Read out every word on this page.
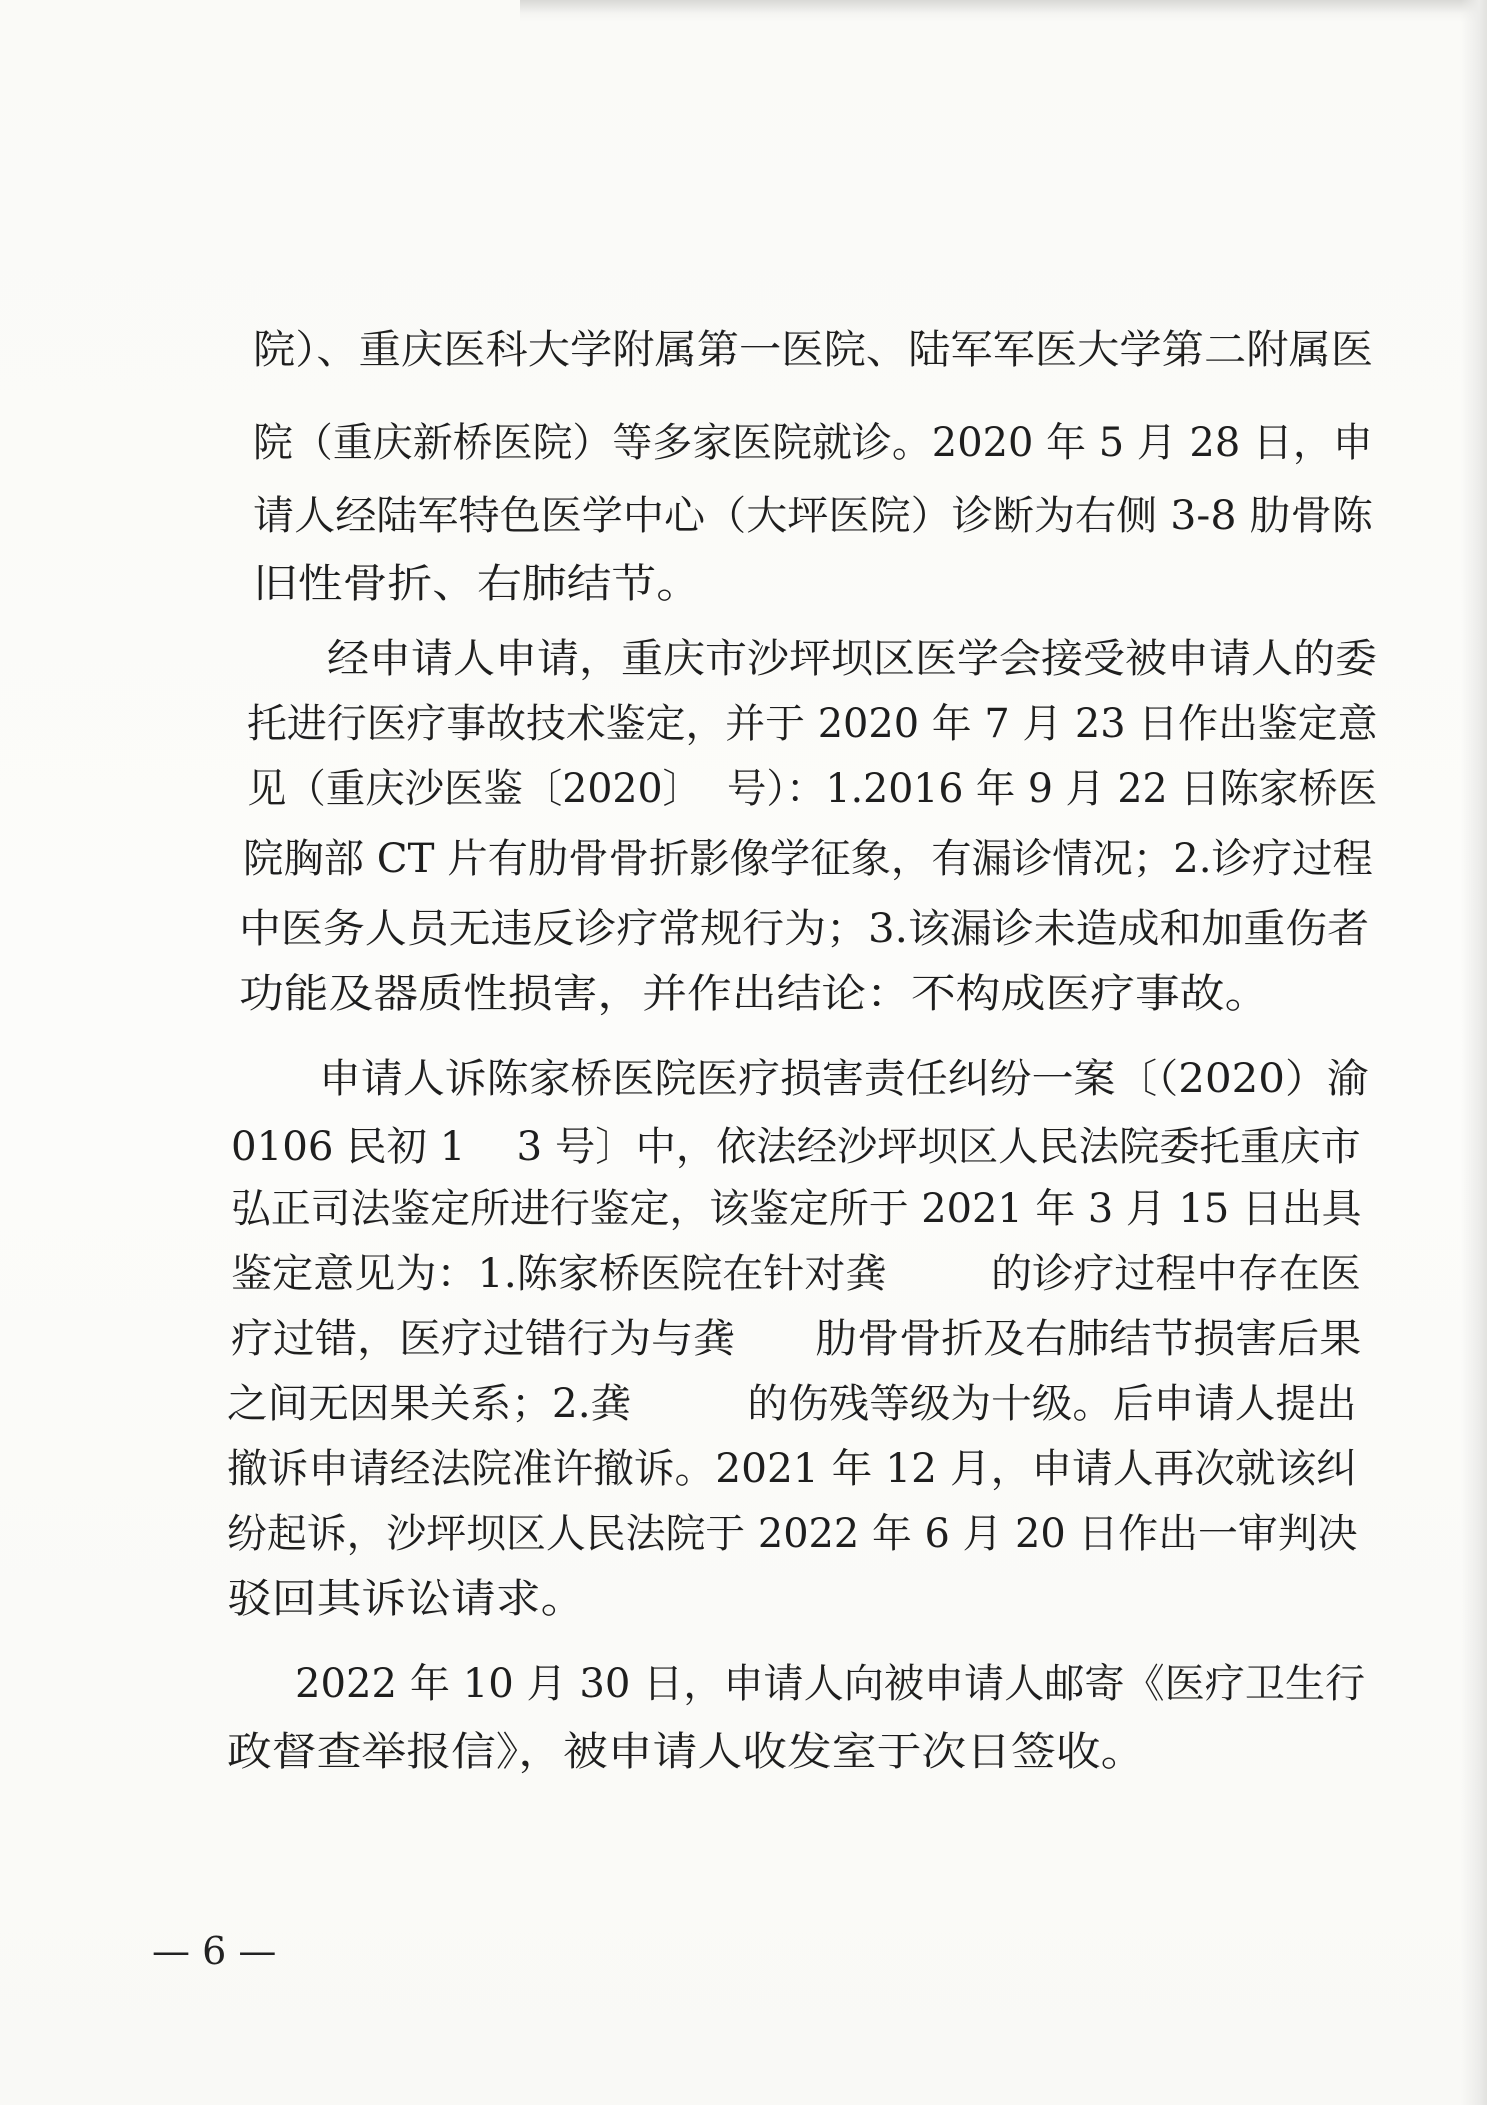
院）、重庆医科大学附属第一医院、陆军军医大学第二附属医

院（重庆新桥医院）等多家医院就诊。2020 年 5 月 28 日，申

请人经陆军特色医学中心（大坪医院）诊断为右侧 3-8 肋骨陈

旧性骨折、右肺结节。

经申请人申请，重庆市沙坪坝区医学会接受被申请人的委

托进行医疗事故技术鉴定，并于 2020 年 7 月 23 日作出鉴定意

见（重庆沙医鉴〔2020〕  号）：1.2016 年 9 月 22 日陈家桥医

院胸部 CT 片有肋骨骨折影像学征象，有漏诊情况；2.诊疗过程

中医务人员无违反诊疗常规行为；3.该漏诊未造成和加重伤者

功能及器质性损害，并作出结论：不构成医疗事故。

申请人诉陈家桥医院医疗损害责任纠纷一案〔（2020）渝

0106 民初 1    3 号〕中，依法经沙坪坝区人民法院委托重庆市

弘正司法鉴定所进行鉴定，该鉴定所于 2021 年 3 月 15 日出具

鉴定意见为：1.陈家桥医院在针对龚        的诊疗过程中存在医

疗过错，医疗过错行为与龚      肋骨骨折及右肺结节损害后果

之间无因果关系；2.龚         的伤残等级为十级。后申请人提出

撤诉申请经法院准许撤诉。2021 年 12 月，申请人再次就该纠

纷起诉，沙坪坝区人民法院于 2022 年 6 月 20 日作出一审判决

驳回其诉讼请求。

2022 年 10 月 30 日，申请人向被申请人邮寄《医疗卫生行

政督查举报信》，被申请人收发室于次日签收。

— 6 —
